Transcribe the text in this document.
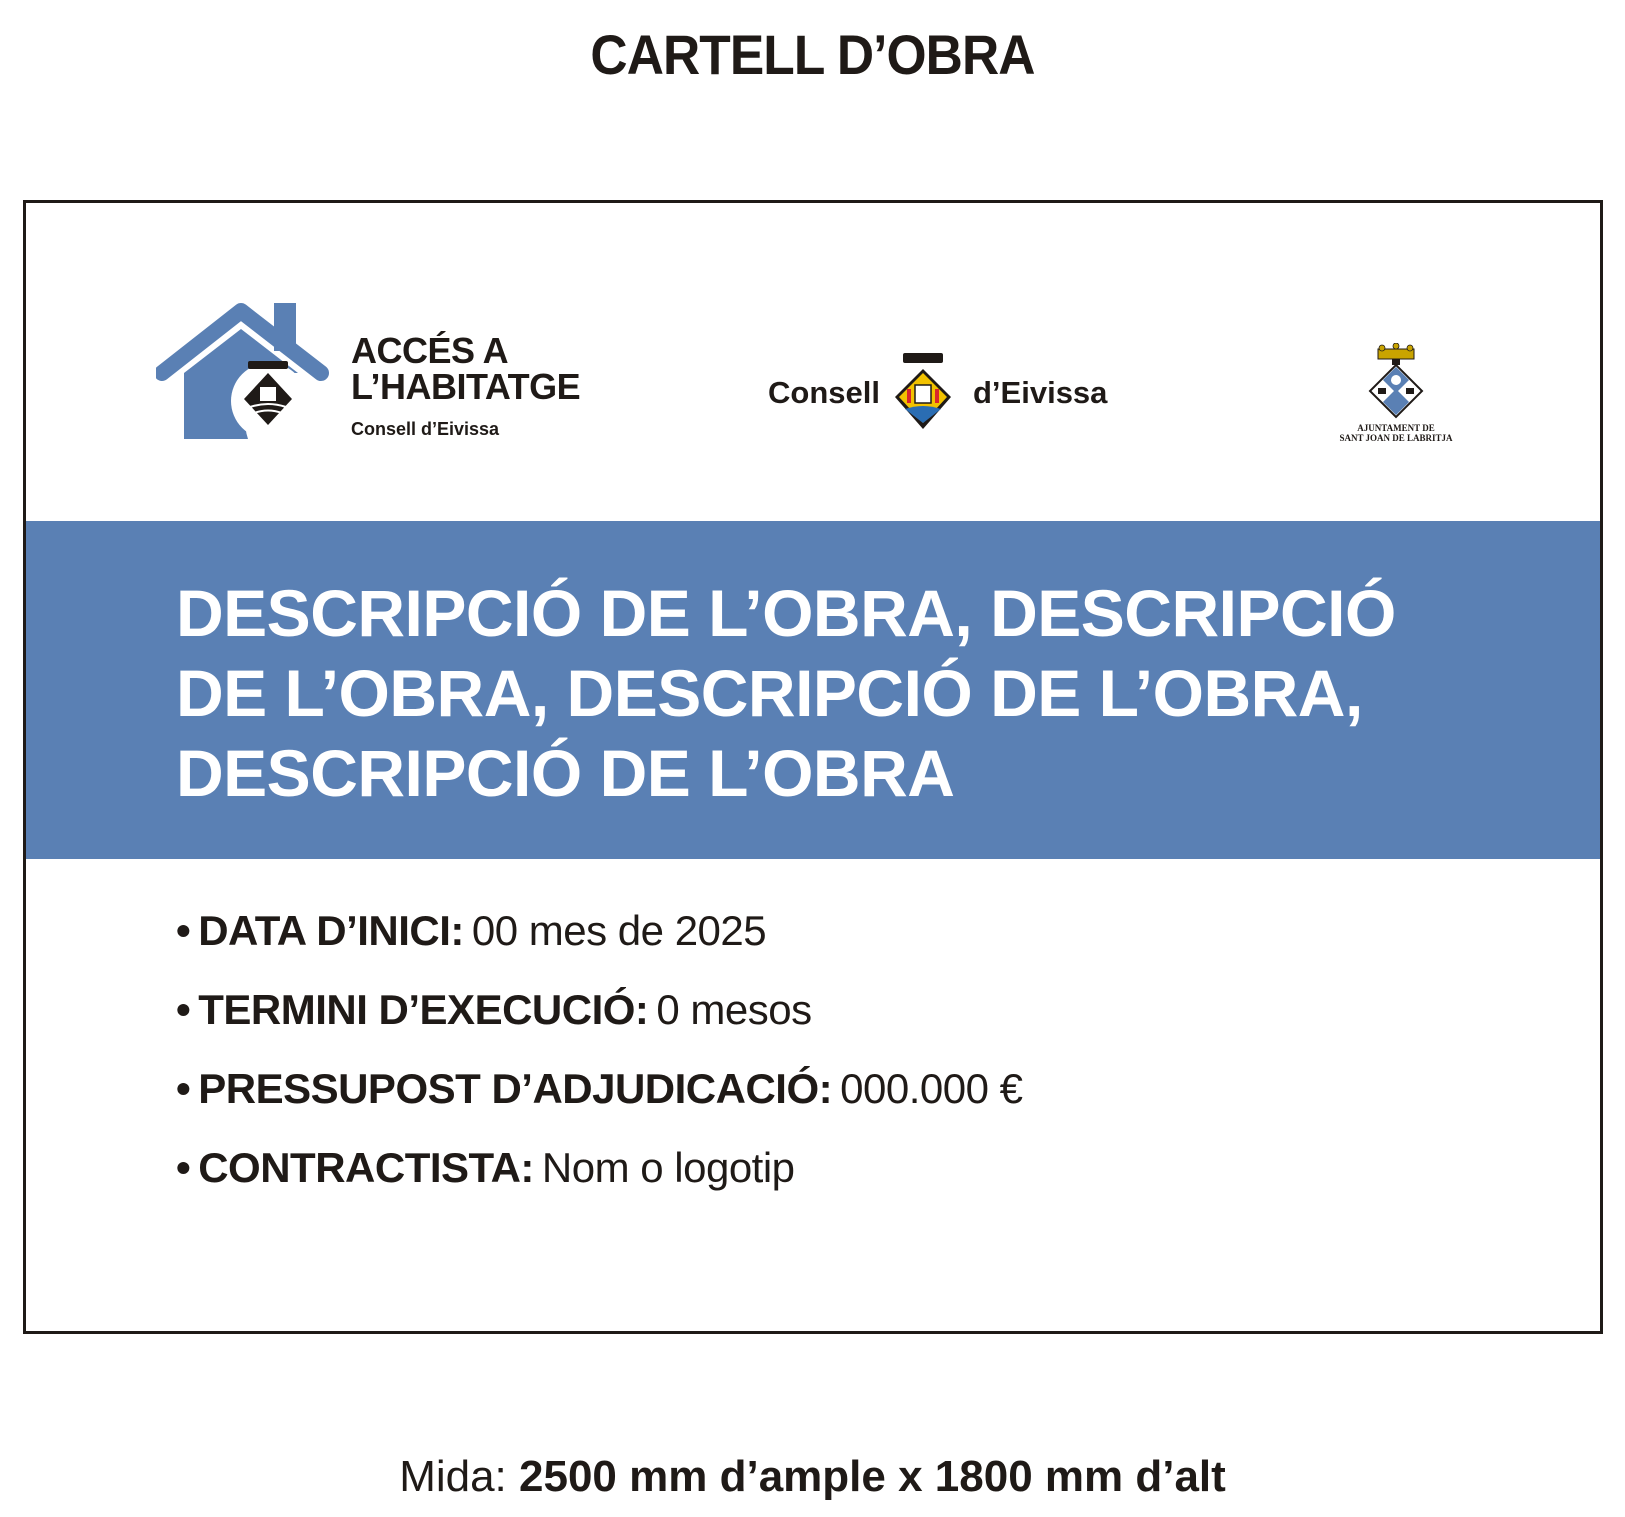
CARTELL D’OBRA
ACCÉS A
L’HABITATGE
Consell d’Eivissa
Consell	d’Eivissa
AJUNTAMENT DE
SANT JOAN DE LABRITJA
DESCRIPCIÓ DE L’OBRA, DESCRIPCIÓ DE L’OBRA, DESCRIPCIÓ DE L’OBRA, DESCRIPCIÓ DE L’OBRA
• DATA D’INICI: 00 mes de 2025
• TERMINI D’EXECUCIÓ: 0 mesos
• PRESSUPOST D’ADJUDICACIÓ: 000.000 €
• CONTRACTISTA: Nom o logotip
Mida: 2500 mm d’ample x 1800 mm d’alt
